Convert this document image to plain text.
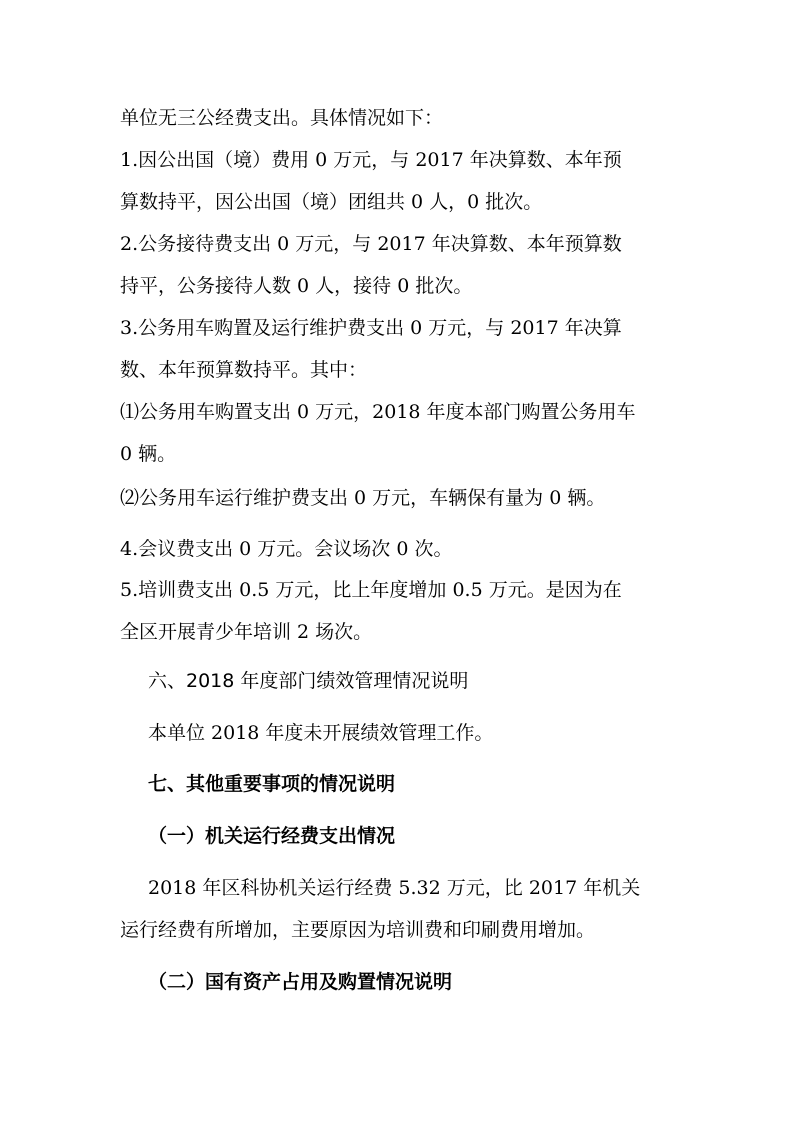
单位无三公经费支出。具体情况如下：
1.因公出国（境）费用 0 万元，与 2017 年决算数、本年预
算数持平，因公出国（境）团组共 0 人，0 批次。
2.公务接待费支出 0 万元，与 2017 年决算数、本年预算数
持平，公务接待人数 0 人，接待 0 批次。
3.公务用车购置及运行维护费支出 0 万元，与 2017 年决算
数、本年预算数持平。其中：
⑴公务用车购置支出 0 万元，2018 年度本部门购置公务用车
0 辆。
⑵公务用车运行维护费支出 0 万元，车辆保有量为 0 辆。
4.会议费支出 0 万元。会议场次 0 次。
5.培训费支出 0.5 万元，比上年度增加 0.5 万元。是因为在
全区开展青少年培训 2 场次。
六、2018 年度部门绩效管理情况说明
本单位 2018 年度未开展绩效管理工作。
七、其他重要事项的情况说明
（一）机关运行经费支出情况
2018 年区科协机关运行经费 5.32 万元，比 2017 年机关
运行经费有所增加，主要原因为培训费和印刷费用增加。
（二）国有资产占用及购置情况说明
